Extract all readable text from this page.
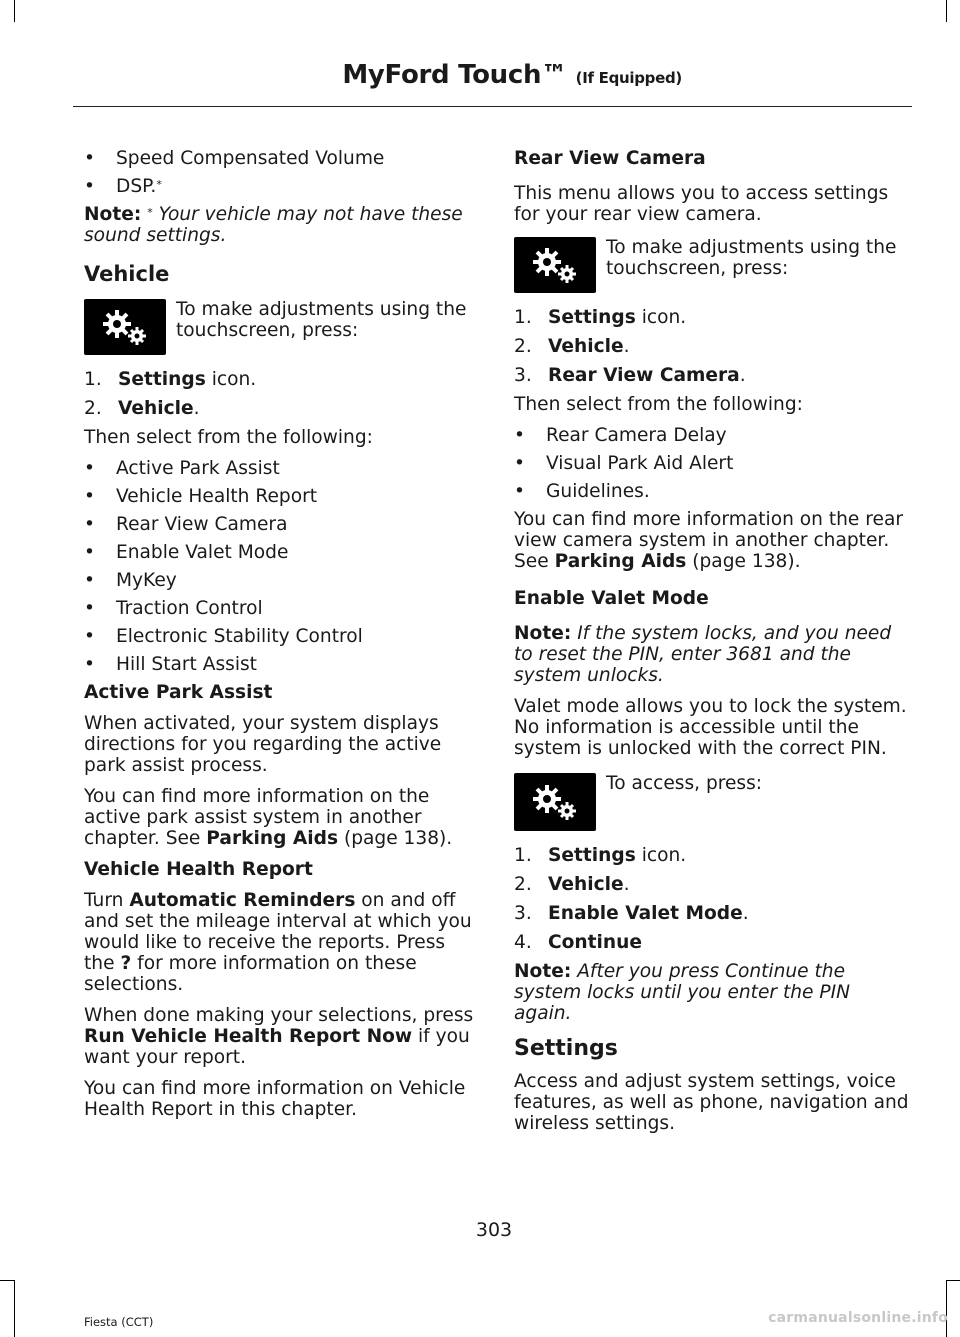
MyFord Touch™ (If Equipped)
• Speed Compensated Volume
• DSP.*

Note: * Your vehicle may not have these sound settings.

Vehicle
To make adjustments using the touchscreen, press:
1. Settings icon.
2. Vehicle.

Then select from the following:

• Active Park Assist
• Vehicle Health Report
• Rear View Camera
• Enable Valet Mode
• MyKey
• Traction Control
• Electronic Stability Control
• Hill Start Assist
Active Park Assist

When activated, your system displays directions for you regarding the active park assist process.

You can find more information on the active park assist system in another chapter. See Parking Aids (page 138).

Vehicle Health Report

Turn Automatic Reminders on and off and set the mileage interval at which you would like to receive the reports. Press the ? for more information on these selections.

When done making your selections, press Run Vehicle Health Report Now if you want your report.

You can find more information on Vehicle Health Report in this chapter.

Rear View Camera

This menu allows you to access settings for your rear view camera.

To make adjustments using the touchscreen, press:
1. Settings icon.
2. Vehicle.
3. Rear View Camera.

Then select from the following:

• Rear Camera Delay
• Visual Park Aid Alert
• Guidelines.

You can find more information on the rear view camera system in another chapter. See Parking Aids (page 138).

Enable Valet Mode

Note: If the system locks, and you need to reset the PIN, enter 3681 and the system unlocks.

Valet mode allows you to lock the system. No information is accessible until the system is unlocked with the correct PIN.

To access, press:
1. Settings icon.
2. Vehicle.
3. Enable Valet Mode.
4. Continue

Note: After you press Continue the system locks until you enter the PIN again.

Settings

Access and adjust system settings, voice features, as well as phone, navigation and wireless settings.

303
Fiesta (CCT)	carmanualsonline.info
